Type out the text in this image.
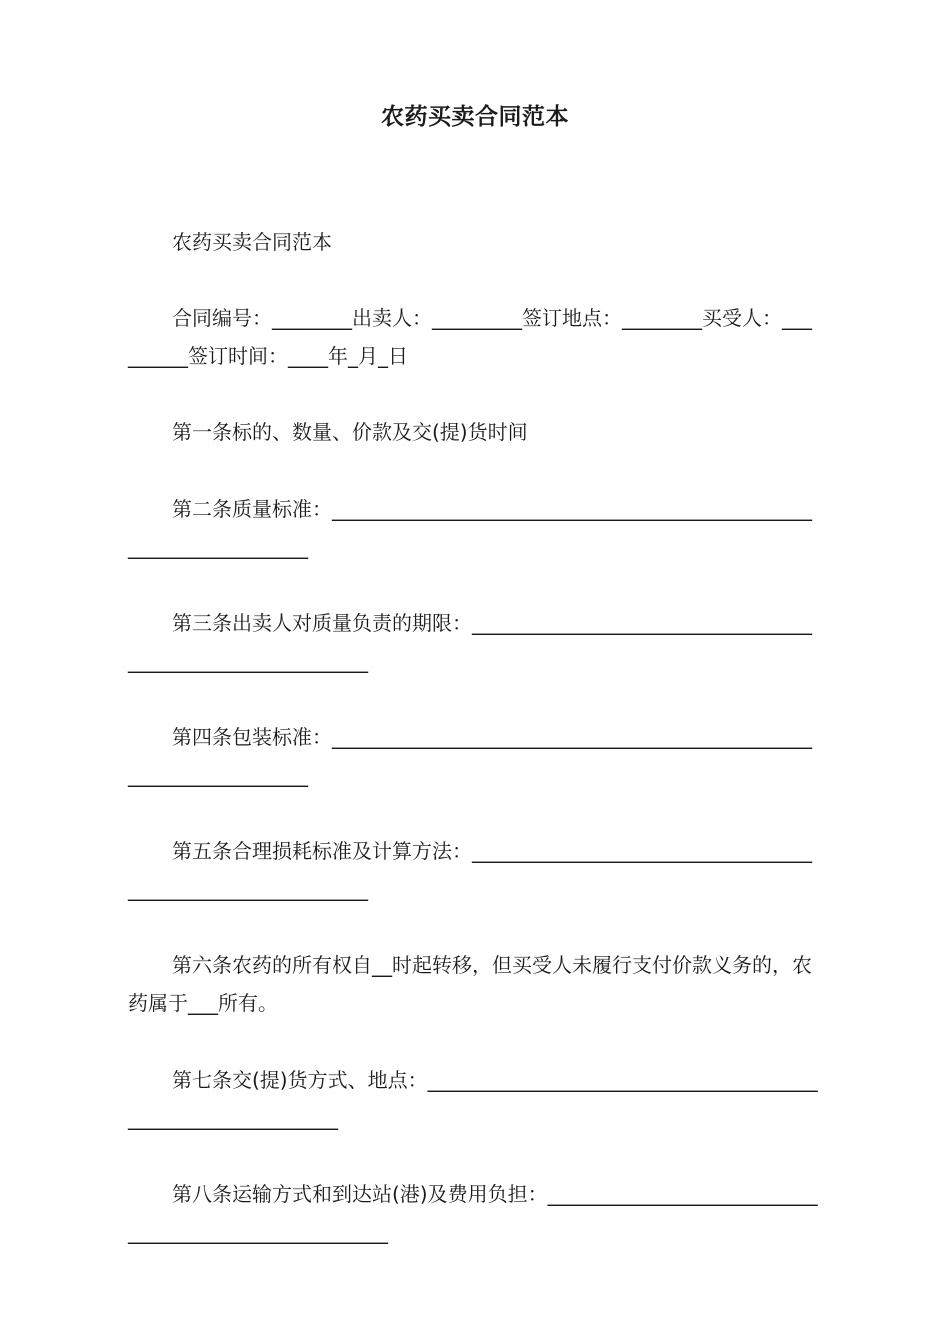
农药买卖合同范本

农药买卖合同范本

合同编号：________出卖人：_________签订地点：________买受人：_________签订时间：____年_月_日

第一条标的、数量、价款及交(提)货时间

第二条质量标准：__________________________________________________________________

第三条出卖人对质量负责的期限：__________________________________________________________

第四条包装标准：__________________________________________________________________

第五条合理损耗标准及计算方法：__________________________________________________________

第六条农药的所有权自__时起转移，但买受人未履行支付价款义务的，农药属于___所有。

第七条交(提)货方式、地点：____________________________________________________________

第八条运输方式和到达站(港)及费用负担：_____________________________________________________
